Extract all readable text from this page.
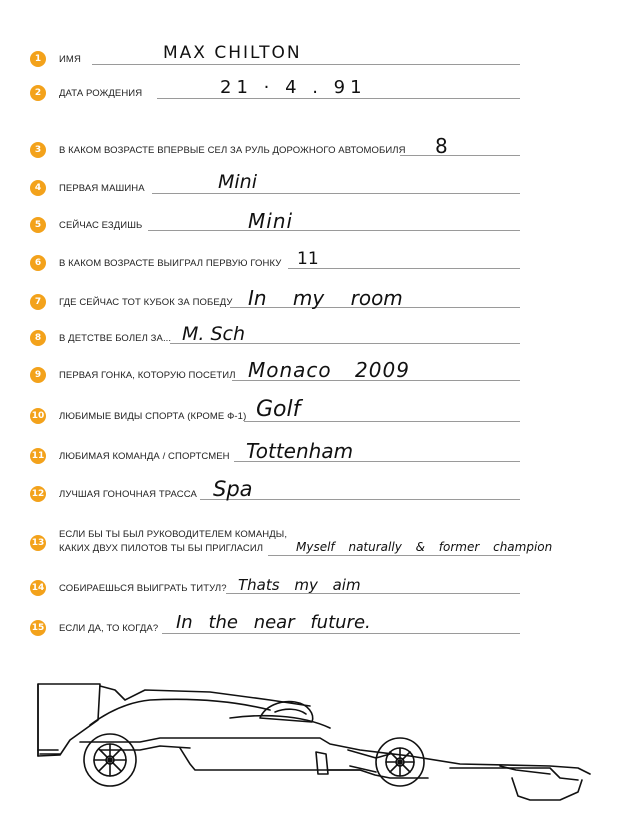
1	ИМЯ	MAX CHILTON
2	ДАТА РОЖДЕНИЯ	21 · 4 . 91
3	В КАКОМ ВОЗРАСТЕ ВПЕРВЫЕ СЕЛ ЗА РУЛЬ ДОРОЖНОГО АВТОМОБИЛЯ 8
4	ПЕРВАЯ МАШИНА	Mini
5	СЕЙЧАС ЕЗДИШЬ	Mini
6	В КАКОМ ВОЗРАСТЕ ВЫИГРАЛ ПЕРВУЮ ГОНКУ 11
7	ГДЕ СЕЙЧАС ТОТ КУБОК ЗА ПОБЕДУ In my room
8	В ДЕТСТВЕ БОЛЕЛ ЗА... M. Sch
9	ПЕРВАЯ ГОНКА, КОТОРУЮ ПОСЕТИЛ Monaco 2009
10 ЛЮБИМЫЕ ВИДЫ СПОРТА (КРОМЕ Ф-1) Golf
11 ЛЮБИМАЯ КОМАНДА / СПОРТСМЕН Tottenham
12 ЛУЧШАЯ ГОНОЧНАЯ ТРАССА Spa
13
ЕСЛИ БЫ ТЫ БЫЛ РУКОВОДИТЕЛЕМ КОМАНДЫ,
КАКИХ ДВУХ ПИЛОТОВ ТЫ БЫ ПРИГЛАСИЛ	Myself naturally & former champion
14 СОБИРАЕШЬСЯ ВЫИГРАТЬ ТИТУЛ? Thats my aim
15 ЕСЛИ ДА, ТО КОГДА? In the near future.
